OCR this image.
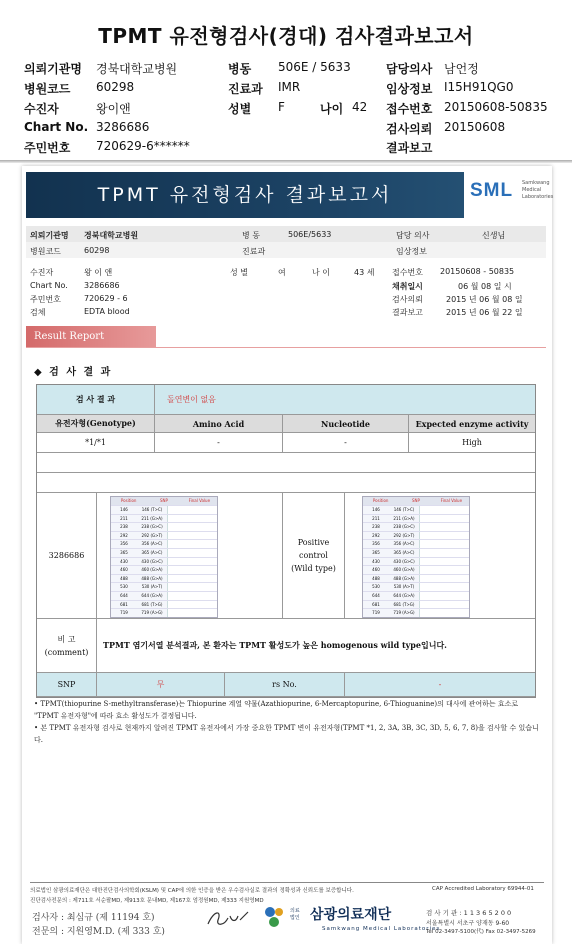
TPMT 유전형검사(경대) 검사결과보고서
의뢰기관명 경북대학교병원	병동 506E / 5633	담당의사 남언정
병원코드 60298	진료과 IMR	임상정보 I15H91QG0
수진자	왕이앤	성별 F	나이 42 접수번호 20150608-50835
Chart No. 3286686	검사의뢰 20150608
주민번호 720629-6******	결과보고
TPMT 유전형검사 결과보고서	SML Samkwang Medical Laboratories
의뢰기관명 경북대학교병원	병 동	506E/5633	담당 의사	신생님
병원코드	60298	진료과	임상정보
수진자	왕 이 앤	성 별	여	나 이	43 세 접수번호 20150608 - 50835
Chart No. 3286686	채취일시	06 월 08 일 시
주민번호	720629 - 6	검사의뢰	2015 년 06 월 08 일
검체	EDTA blood	결과보고	2015 년 06 월 22 일
Result Report
◆ 검 사 결 과
검 사 결 과	돌연변이 없음
유전자형(Genotype)	Amino Acid	Nucleotide	Expected enzyme activity
*1/*1	-	-	High
3286686
Positive
control
(Wild type)
비 고
(comment)
TPMT 염기서열 분석결과, 본 환자는 TPMT 활성도가 높은 homogenous wild type입니다.
SNP	무	rs No.	-
Position	SNP	Final Value
146	146 (T>C)
211	211 (G>A)
238	238 (G>C)
292	292 (G>T)
356	356 (A>C)
365	365 (A>C)
430	430 (G>C)
460	460 (G>A)
488	488 (G>A)
530	530 (A>T)
644	644 (G>A)
681	681 (T>G)
719	719 (A>G)
Position	SNP	Final Value
146	146 (T>C)
211	211 (G>A)
238	238 (G>C)
292	292 (G>T)
356	356 (A>C)
365	365 (A>C)
430	430 (G>C)
460	460 (G>A)
488	488 (G>A)
530	530 (A>T)
644	644 (G>A)
681	681 (T>G)
719	719 (A>G)
• TPMT(thiopurine S-methyltransferase)는 Thiopurine 계열 약물(Azathiopurine, 6-Mercaptopurine, 6-Thioguanine)의 대사에 관여하는 효소로 "TPMT 유전자형"에 따라 효소 활성도가 결정됩니다.
• 본 TPMT 유전자형 검사로 현재까지 알려진 TPMT 유전자에서 가장 중요한 TPMT 변이 유전자형(TPMT *1, 2, 3A, 3B, 3C, 3D, 5, 6, 7, 8)을 검사할 수 있습니다.
의료법인 삼광의료재단은 대한진단검사의학회(KSLM) 및 CAP에 의한 인증을 받은 우수검사실로 결과의 정확성과 신뢰도를 보증합니다.	CAP Accredited Laboratory 69944-01
진단검사전문의 : 제711호 서순팔MD, 제913호 문내MD, 제167호 엄정원MD, 제333 지원영MD
검사자 : 최심규 (제 11194 호)
전문의 : 지원영M.D. (제 333 호)
의료
법인 삼광의료재단
Samkwang Medical Laboratories
검 사 기 관 : 1 1 3 6 5 2 0 0
서울특별시 서초구 양재동 9-60
Tel 02-3497-5100(代) Fax 02-3497-5269
